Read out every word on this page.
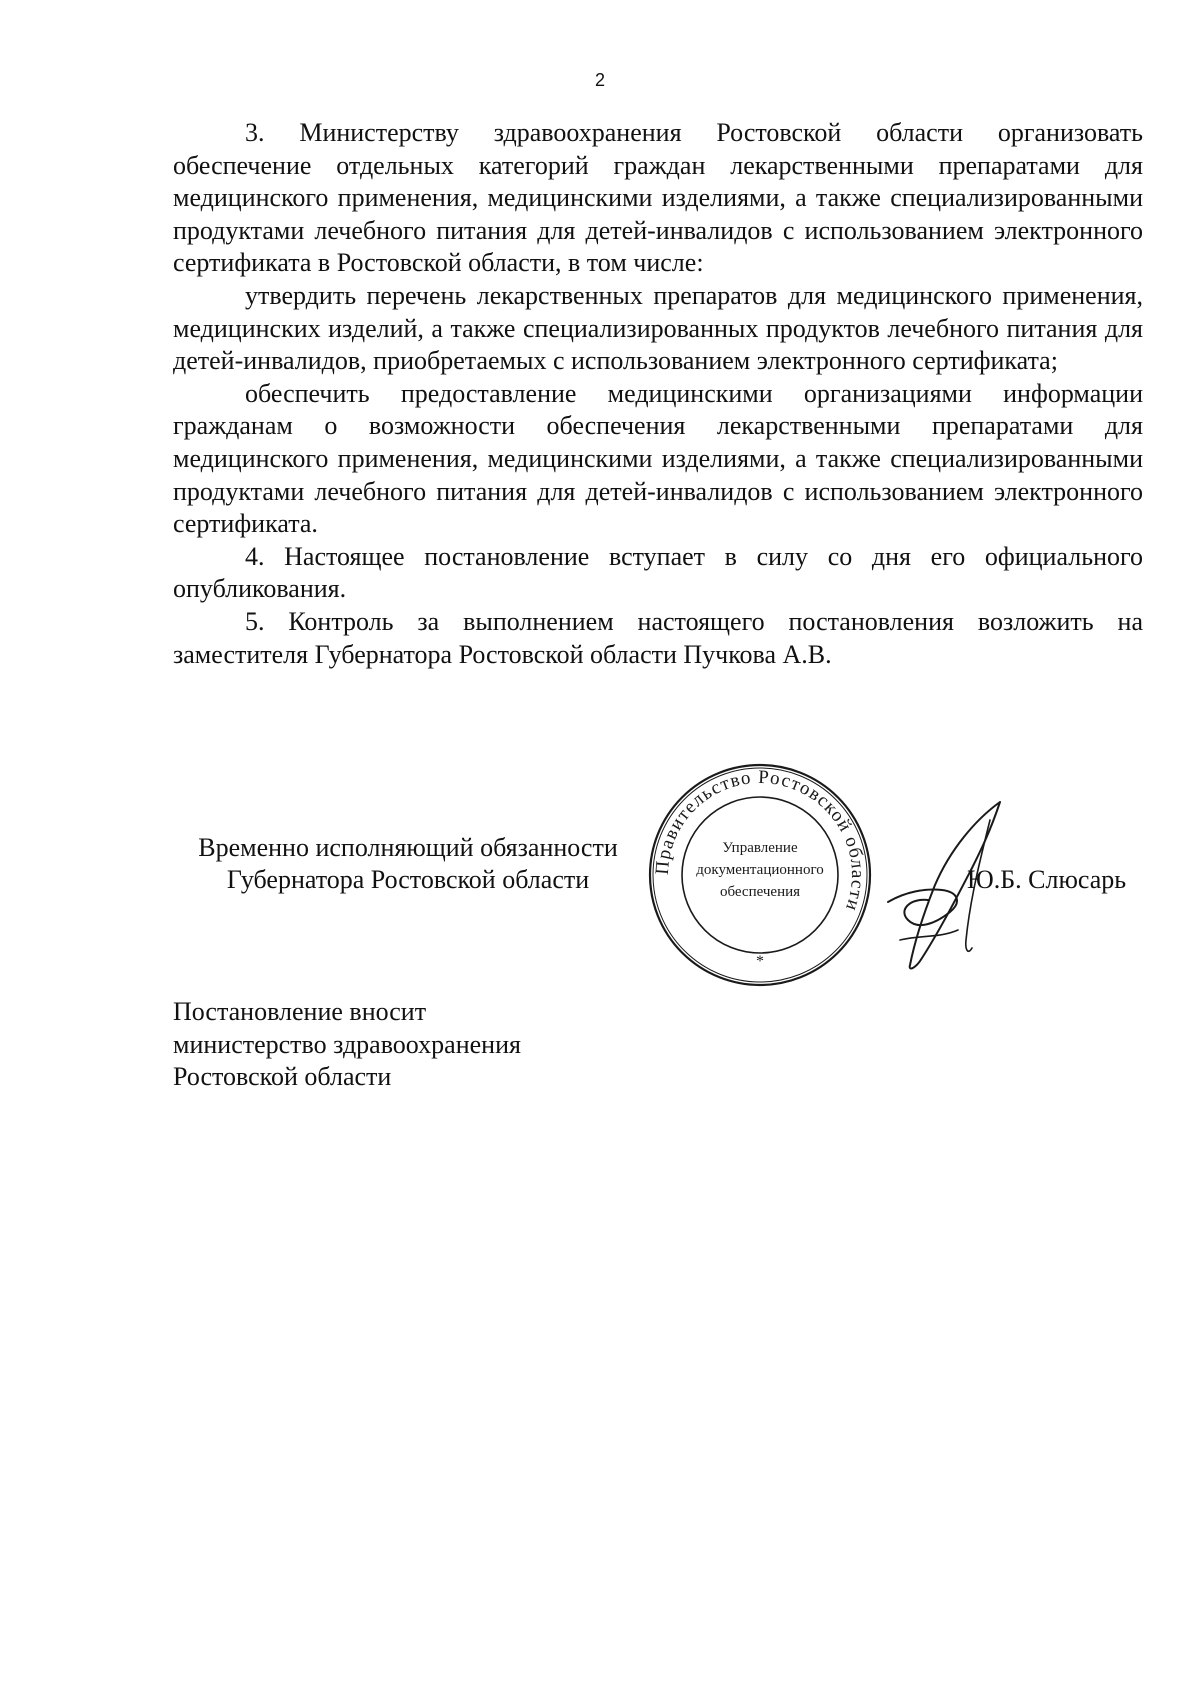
2

3. Министерству здравоохранения Ростовской области организовать обеспечение отдельных категорий граждан лекарственными препаратами для медицинского применения, медицинскими изделиями, а также специализированными продуктами лечебного питания для детей-инвалидов с использованием электронного сертификата в Ростовской области, в том числе:

утвердить перечень лекарственных препаратов для медицинского применения, медицинских изделий, а также специализированных продуктов лечебного питания для детей-инвалидов, приобретаемых с использованием электронного сертификата;

обеспечить предоставление медицинскими организациями информации гражданам о возможности обеспечения лекарственными препаратами для медицинского применения, медицинскими изделиями, а также специализированными продуктами лечебного питания для детей-инвалидов с использованием электронного сертификата.

4. Настоящее постановление вступает в силу со дня его официального опубликования.

5. Контроль за выполнением настоящего постановления возложить на заместителя Губернатора Ростовской области Пучкова А.В.

Временно исполняющий обязанности
Губернатора Ростовской области	Правительство Ростовской области
Управление
документационного
обеспечения
*
Ю.Б. Слюсарь
Постановление вносит
министерство здравоохранения
Ростовской области
